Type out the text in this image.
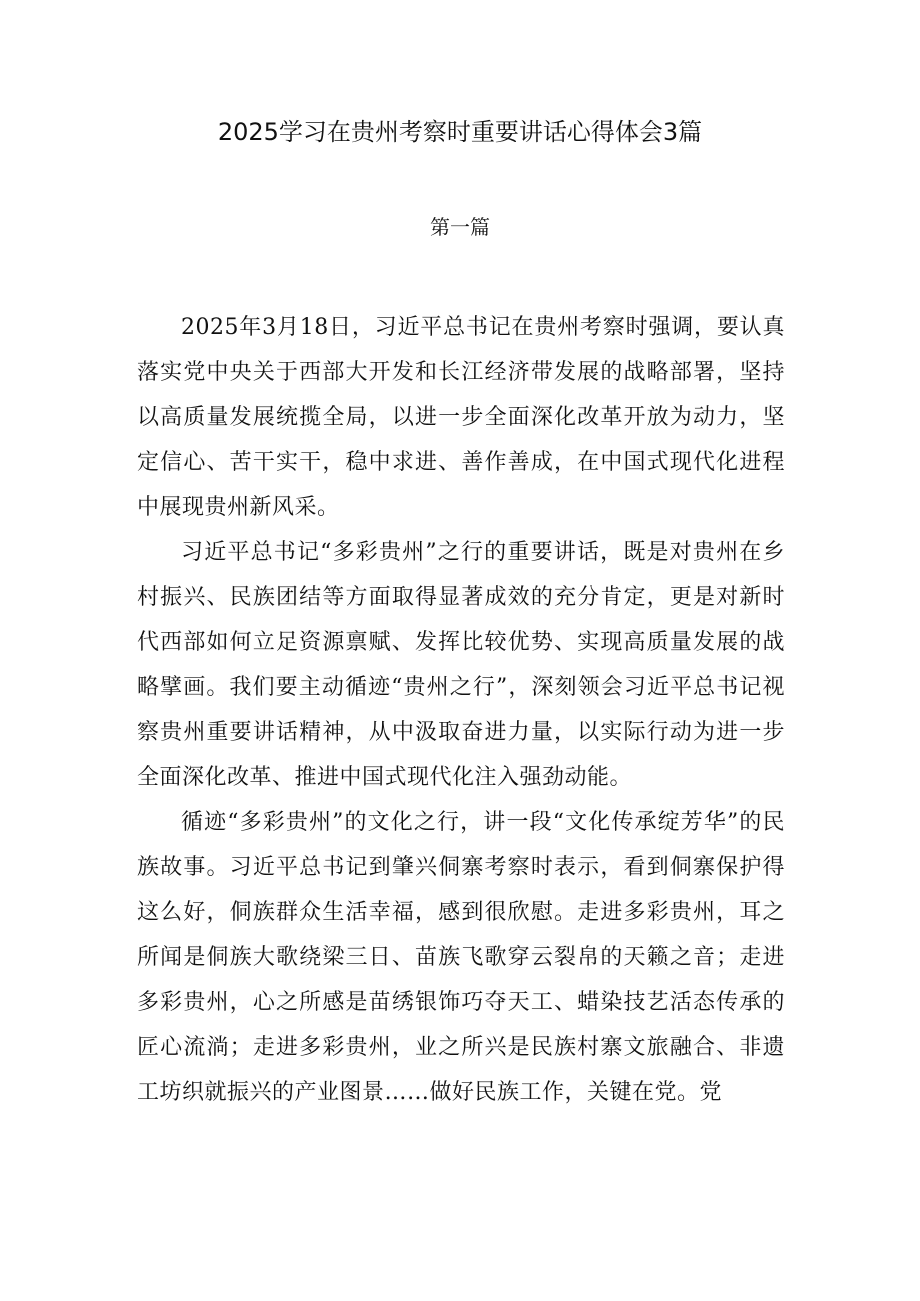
2025学习在贵州考察时重要讲话心得体会3篇
第一篇

2025年3月18日，习近平总书记在贵州考察时强调，要认真落实党中央关于西部大开发和长江经济带发展的战略部署，坚持以高质量发展统揽全局，以进一步全面深化改革开放为动力，坚定信心、苦干实干，稳中求进、善作善成，在中国式现代化进程中展现贵州新风采。

习近平总书记“多彩贵州”之行的重要讲话，既是对贵州在乡村振兴、民族团结等方面取得显著成效的充分肯定，更是对新时代西部如何立足资源禀赋、发挥比较优势、实现高质量发展的战略擘画。我们要主动循迹“贵州之行”，深刻领会习近平总书记视察贵州重要讲话精神，从中汲取奋进力量，以实际行动为进一步全面深化改革、推进中国式现代化注入强劲动能。

循迹“多彩贵州”的文化之行，讲一段“文化传承绽芳华”的民族故事。习近平总书记到肇兴侗寨考察时表示，看到侗寨保护得这么好，侗族群众生活幸福，感到很欣慰。走进多彩贵州，耳之所闻是侗族大歌绕梁三日、苗族飞歌穿云裂帛的天籁之音；走进多彩贵州，心之所感是苗绣银饰巧夺天工、蜡染技艺活态传承的匠心流淌；走进多彩贵州，业之所兴是民族村寨文旅融合、非遗工坊织就振兴的产业图景……做好民族工作，关键在党。党
